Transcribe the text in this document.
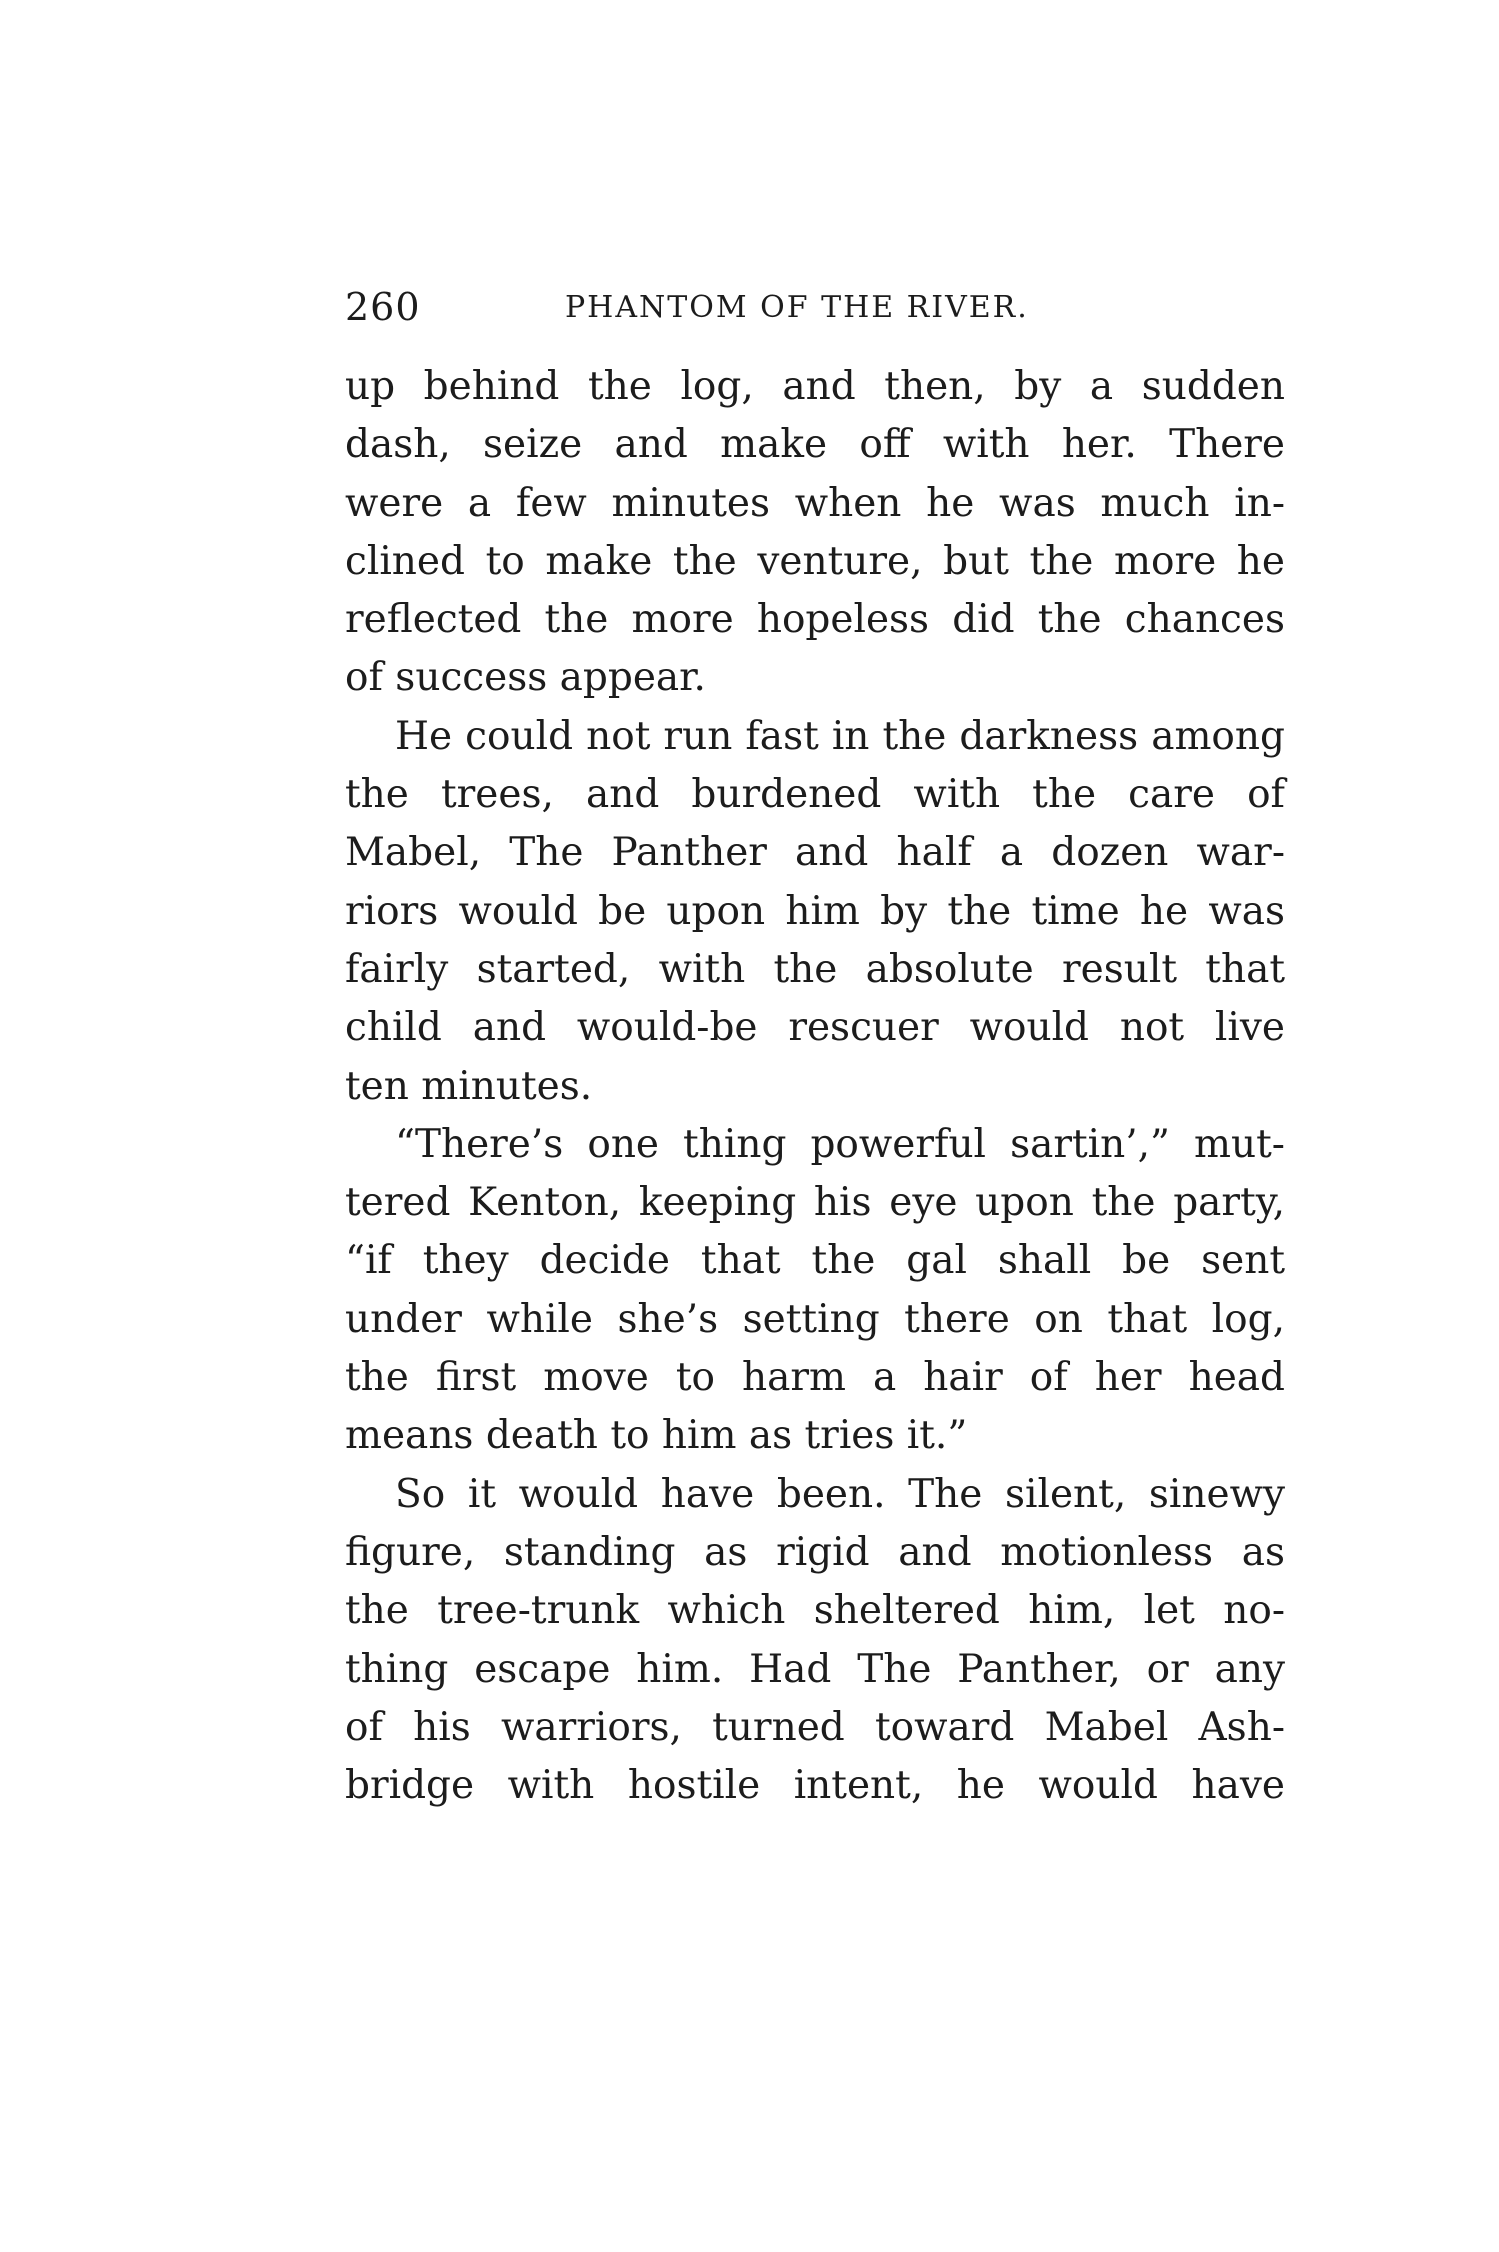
260	PHANTOM OF THE RIVER.
up behind the log, and then, by a sudden
dash, seize and make off with her. There
were a few minutes when he was much in-
clined to make the venture, but the more he
reflected the more hopeless did the chances
of success appear.
He could not run fast in the darkness among
the trees, and burdened with the care of
Mabel, The Panther and half a dozen war-
riors would be upon him by the time he was
fairly started, with the absolute result that
child and would-be rescuer would not live
ten minutes.
“There’s one thing powerful sartin’,” mut-
tered Kenton, keeping his eye upon the party,
“if they decide that the gal shall be sent
under while she’s setting there on that log,
the first move to harm a hair of her head
means death to him as tries it.”
So it would have been. The silent, sinewy
figure, standing as rigid and motionless as
the tree-trunk which sheltered him, let no-
thing escape him. Had The Panther, or any
of his warriors, turned toward Mabel Ash-
bridge with hostile intent, he would have
